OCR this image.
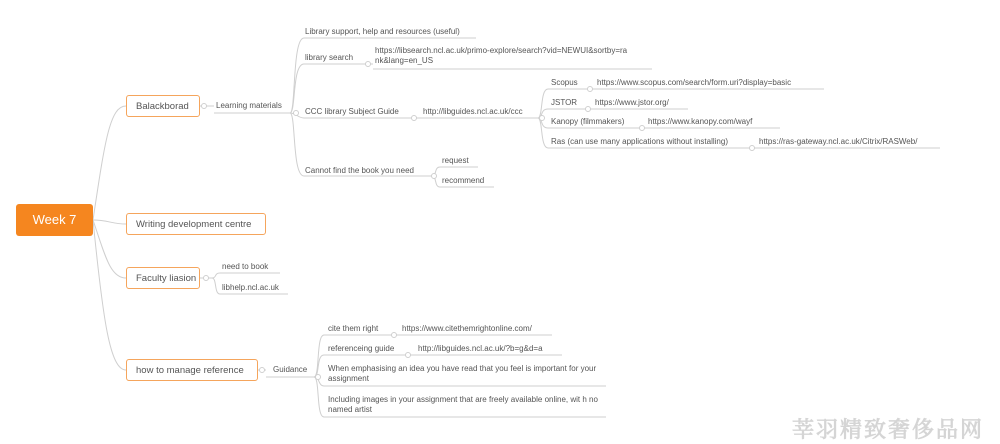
Week 7
Balackborad
Writing development centre
Faculty liasion
how to manage reference
Learning materials
Library support, help and resources (useful)
library search
https://libsearch.ncl.ac.uk/primo-explore/search?vid=NEWUI&sortby=ra nk&lang=en_US
CCC library Subject Guide	http://libguides.ncl.ac.uk/ccc
Scopus https://www.scopus.com/search/form.uri?display=basic
JSTOR https://www.jstor.org/
Kanopy (filmmakers)	https://www.kanopy.com/wayf
Ras (can use many applications without installing)	https://ras-gateway.ncl.ac.uk/Citrix/RASWeb/
Cannot find the book you need
request
recommend
need to book
libhelp.ncl.ac.uk
Guidance
cite them right	https://www.citethemrightonline.com/
referenceing guide	http://libguides.ncl.ac.uk/?b=g&d=a
When emphasising an idea you have read that you feel is important for your assignment
Including images in your assignment that are freely available online, wit h no named artist
莘羽精致奢侈品网
